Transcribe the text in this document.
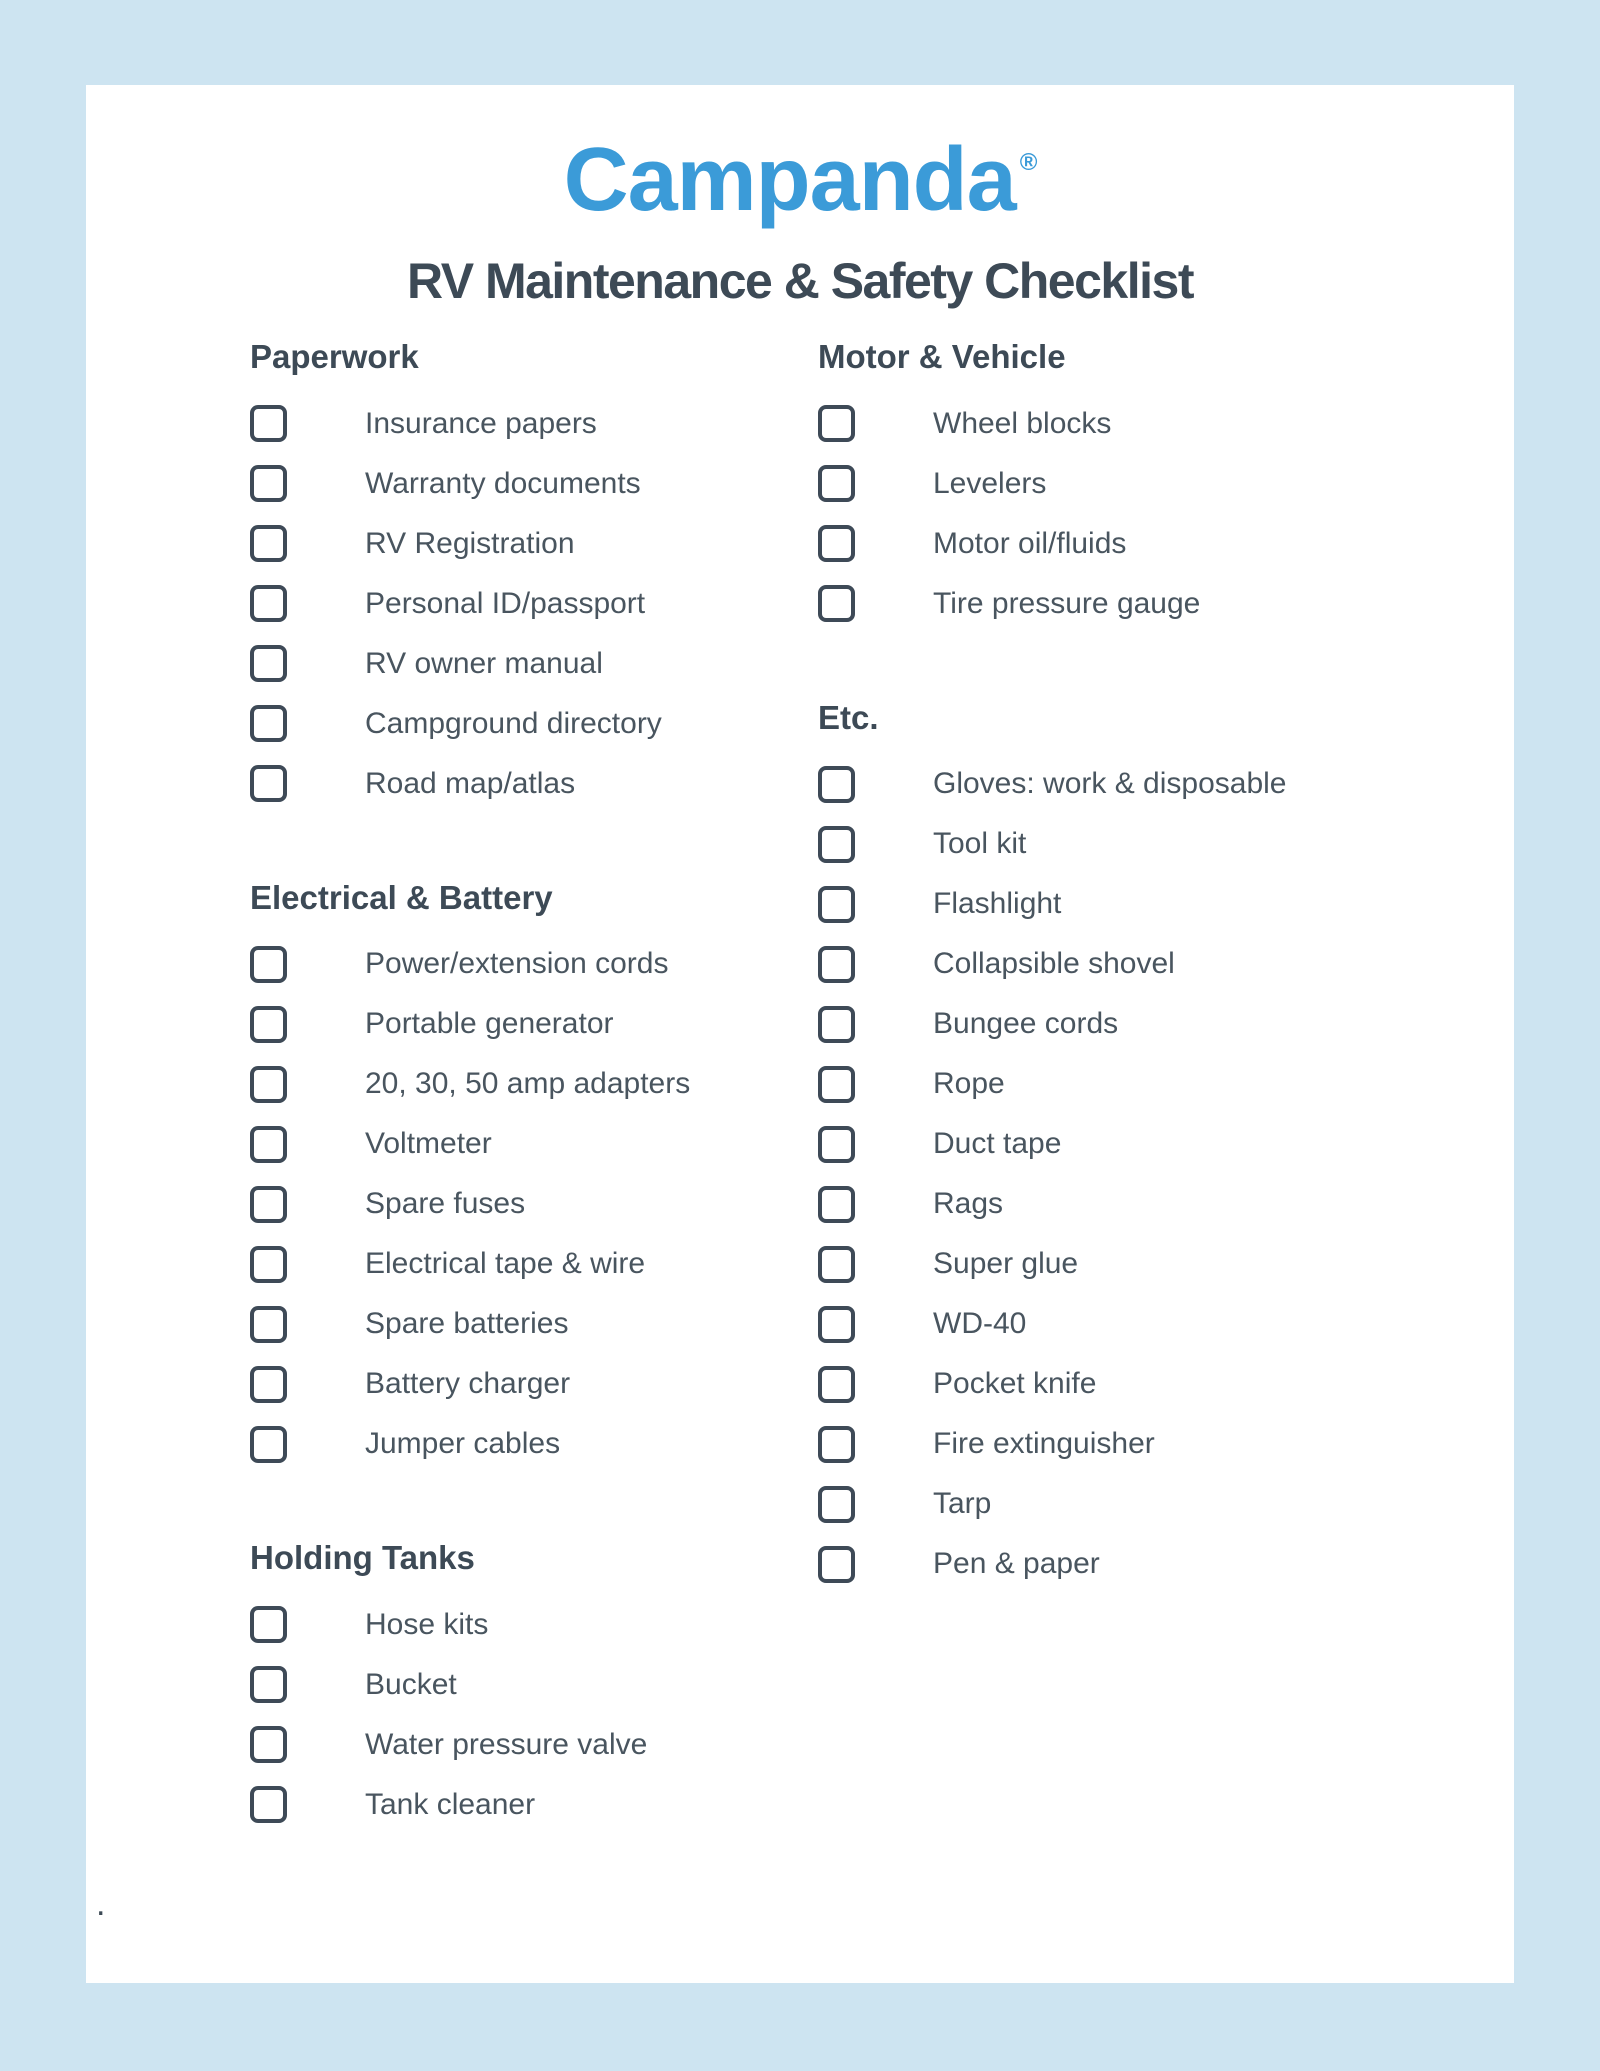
Campanda ®
RV Maintenance & Safety Checklist
Paperwork
Insurance papers
Warranty documents
RV Registration
Personal ID/passport
RV owner manual
Campground directory
Road map/atlas
Electrical & Battery
Power/extension cords
Portable generator
20, 30, 50 amp adapters
Voltmeter
Spare fuses
Electrical tape & wire
Spare batteries
Battery charger
Jumper cables
Holding Tanks
Hose kits
Bucket
Water pressure valve
Tank cleaner
Motor & Vehicle
Wheel blocks
Levelers
Motor oil/fluids
Tire pressure gauge
Etc.
Gloves: work & disposable
Tool kit
Flashlight
Collapsible shovel
Bungee cords
Rope
Duct tape
Rags
Super glue
WD-40
Pocket knife
Fire extinguisher
Tarp
Pen & paper
.
